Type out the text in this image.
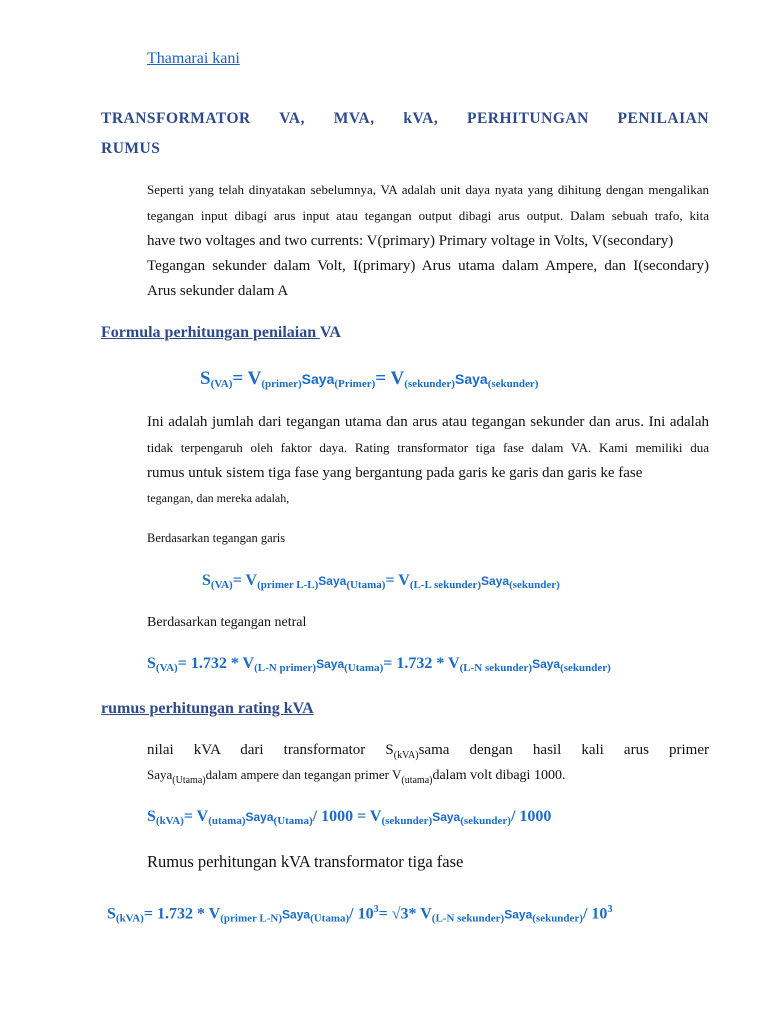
Thamarai kani
TRANSFORMATOR VA, MVA, kVA, PERHITUNGAN PENILAIAN
RUMUS
Seperti yang telah dinyatakan sebelumnya, VA adalah unit daya nyata yang dihitung dengan mengalikan
tegangan input dibagi arus input atau tegangan output dibagi arus output. Dalam sebuah trafo, kita
have two voltages and two currents: V(primary) Primary voltage in Volts, V(secondary)
Tegangan sekunder dalam Volt, I(primary) Arus utama dalam Ampere, dan I(secondary)
Arus sekunder dalam A
Formula perhitungan penilaian VA
$S_{(VA)}=$ $V_{(primer)}Saya_{(Primer)}=$ $V_{(sekunder)}Saya_{(sekunder)}$
Ini adalah jumlah dari tegangan utama dan arus atau tegangan sekunder dan arus. Ini adalah
tidak terpengaruh oleh faktor daya. Rating transformator tiga fase dalam VA. Kami memiliki dua
rumus untuk sistem tiga fase yang bergantung pada garis ke garis dan garis ke fase
tegangan, dan mereka adalah,
Berdasarkan tegangan garis
$S_{(VA)}=$ $V_{(primer L-L)}Saya_{(Utama)}=$ $V_{(L-L sekunder)}Saya_{(sekunder)}$
Berdasarkan tegangan netral
$S_{(VA)}= 1.732$ * $V_{(L-N primer)}Saya_{(Utama)}= 1.732$ * $V_{(L-N sekunder)}Saya_{(sekunder)}$
rumus perhitungan rating kVA
nilai kVA dari transformator $S_{(kVA)}sama$ dengan hasil kali arus primer
Saya$_{(Utama)}$dalam ampere dan tegangan primer $V_{(utama)}dalam$ volt dibagi 1000.
$S_{(kVA)}=$ $V_{(utama)}Saya_{(Utama)}/$ $1000 = V_{(sekunder)}Saya_{(sekunder)}/$ 1000
Rumus perhitungan kVA transformator tiga fase
$S_{(kVA)}= 1.732$ * $V_{(primer L-N)}Saya_{(Utama)}/$ $10^3= √3*$ $V_{(L-N sekunder)}Saya_{(sekunder)}/$ $10^3$
